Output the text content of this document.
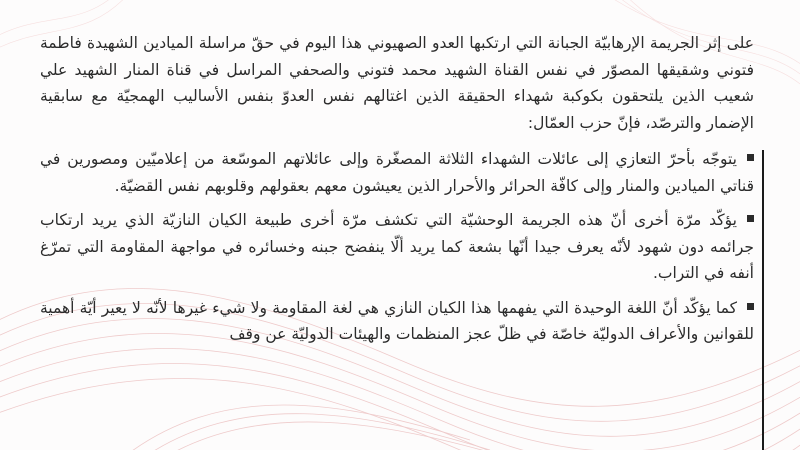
على إثر الجريمة الإرهابيّة الجبانة التي ارتكبها العدو الصهيوني هذا اليوم في حقّ مراسلة الميادين الشهيدة فاطمة فتوني وشقيقها المصوّر في نفس القناة الشهيد محمد فتوني والصحفي المراسل في قناة المنار الشهيد علي شعيب الذين يلتحقون بكوكبة شهداء الحقيقة الذين اغتالهم نفس العدوّ بنفس الأساليب الهمجيّة مع سابقية الإضمار والترصّد، فإنّ حزب العمّال:

يتوجّه بأحرّ التعازي إلى عائلات الشهداء الثلاثة المصغّرة وإلى عائلاتهم الموسّعة من إعلاميّين ومصورين في قناتي الميادين والمنار وإلى كافّة الحرائر والأحرار الذين يعيشون معهم بعقولهم وقلوبهم نفس القضيّة.

يؤكّد مرّة أخرى أنّ هذه الجريمة الوحشيّة التي تكشف مرّة أخرى طبيعة الكيان النازيّة الذي يريد ارتكاب جرائمه دون شهود لأنّه يعرف جيدا أنّها بشعة كما يريد ألّا ينفضح جبنه وخسائره في مواجهة المقاومة التي تمرّغ أنفه في التراب.

كما يؤكّد أنّ اللغة الوحيدة التي يفهمها هذا الكيان النازي هي لغة المقاومة ولا شيء غيرها لأنّه لا يعير أيّة أهمية للقوانين والأعراف الدوليّة خاصّة في ظلّ عجز المنظمات والهيئات الدوليّة عن وقف
